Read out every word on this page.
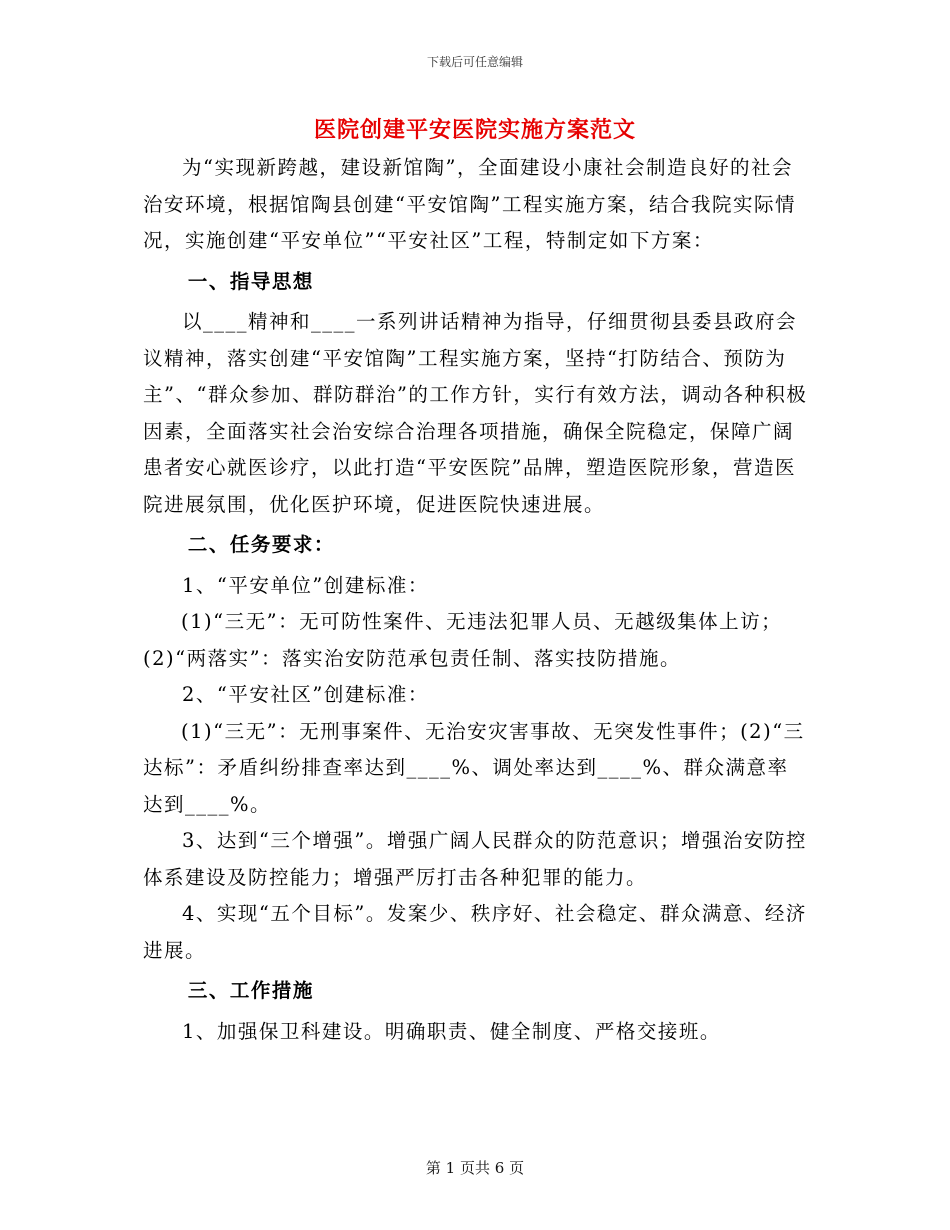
下载后可任意编辑
医院创建平安医院实施方案范文

为“实现新跨越，建设新馆陶”，全面建设小康社会制造良好的社会治安环境，根据馆陶县创建“平安馆陶”工程实施方案，结合我院实际情况，实施创建“平安单位”“平安社区”工程，特制定如下方案：

一、指导思想

以____精神和____一系列讲话精神为指导，仔细贯彻县委县政府会议精神，落实创建“平安馆陶”工程实施方案，坚持“打防结合、预防为主”、“群众参加、群防群治”的工作方针，实行有效方法，调动各种积极因素，全面落实社会治安综合治理各项措施，确保全院稳定，保障广阔患者安心就医诊疗，以此打造“平安医院”品牌，塑造医院形象，营造医院进展氛围，优化医护环境，促进医院快速进展。

二、任务要求：

1、“平安单位”创建标准：

(1)“三无”：无可防性案件、无违法犯罪人员、无越级集体上访；(2)“两落实”：落实治安防范承包责任制、落实技防措施。

2、“平安社区”创建标准：

(1)“三无”：无刑事案件、无治安灾害事故、无突发性事件；(2)“三达标”：矛盾纠纷排查率达到____%、调处率达到____%、群众满意率达到____%。

3、达到“三个增强”。增强广阔人民群众的防范意识；增强治安防控体系建设及防控能力；增强严厉打击各种犯罪的能力。

4、实现“五个目标”。发案少、秩序好、社会稳定、群众满意、经济进展。

三、工作措施

1、加强保卫科建设。明确职责、健全制度、严格交接班。

第 1 页共 6 页
